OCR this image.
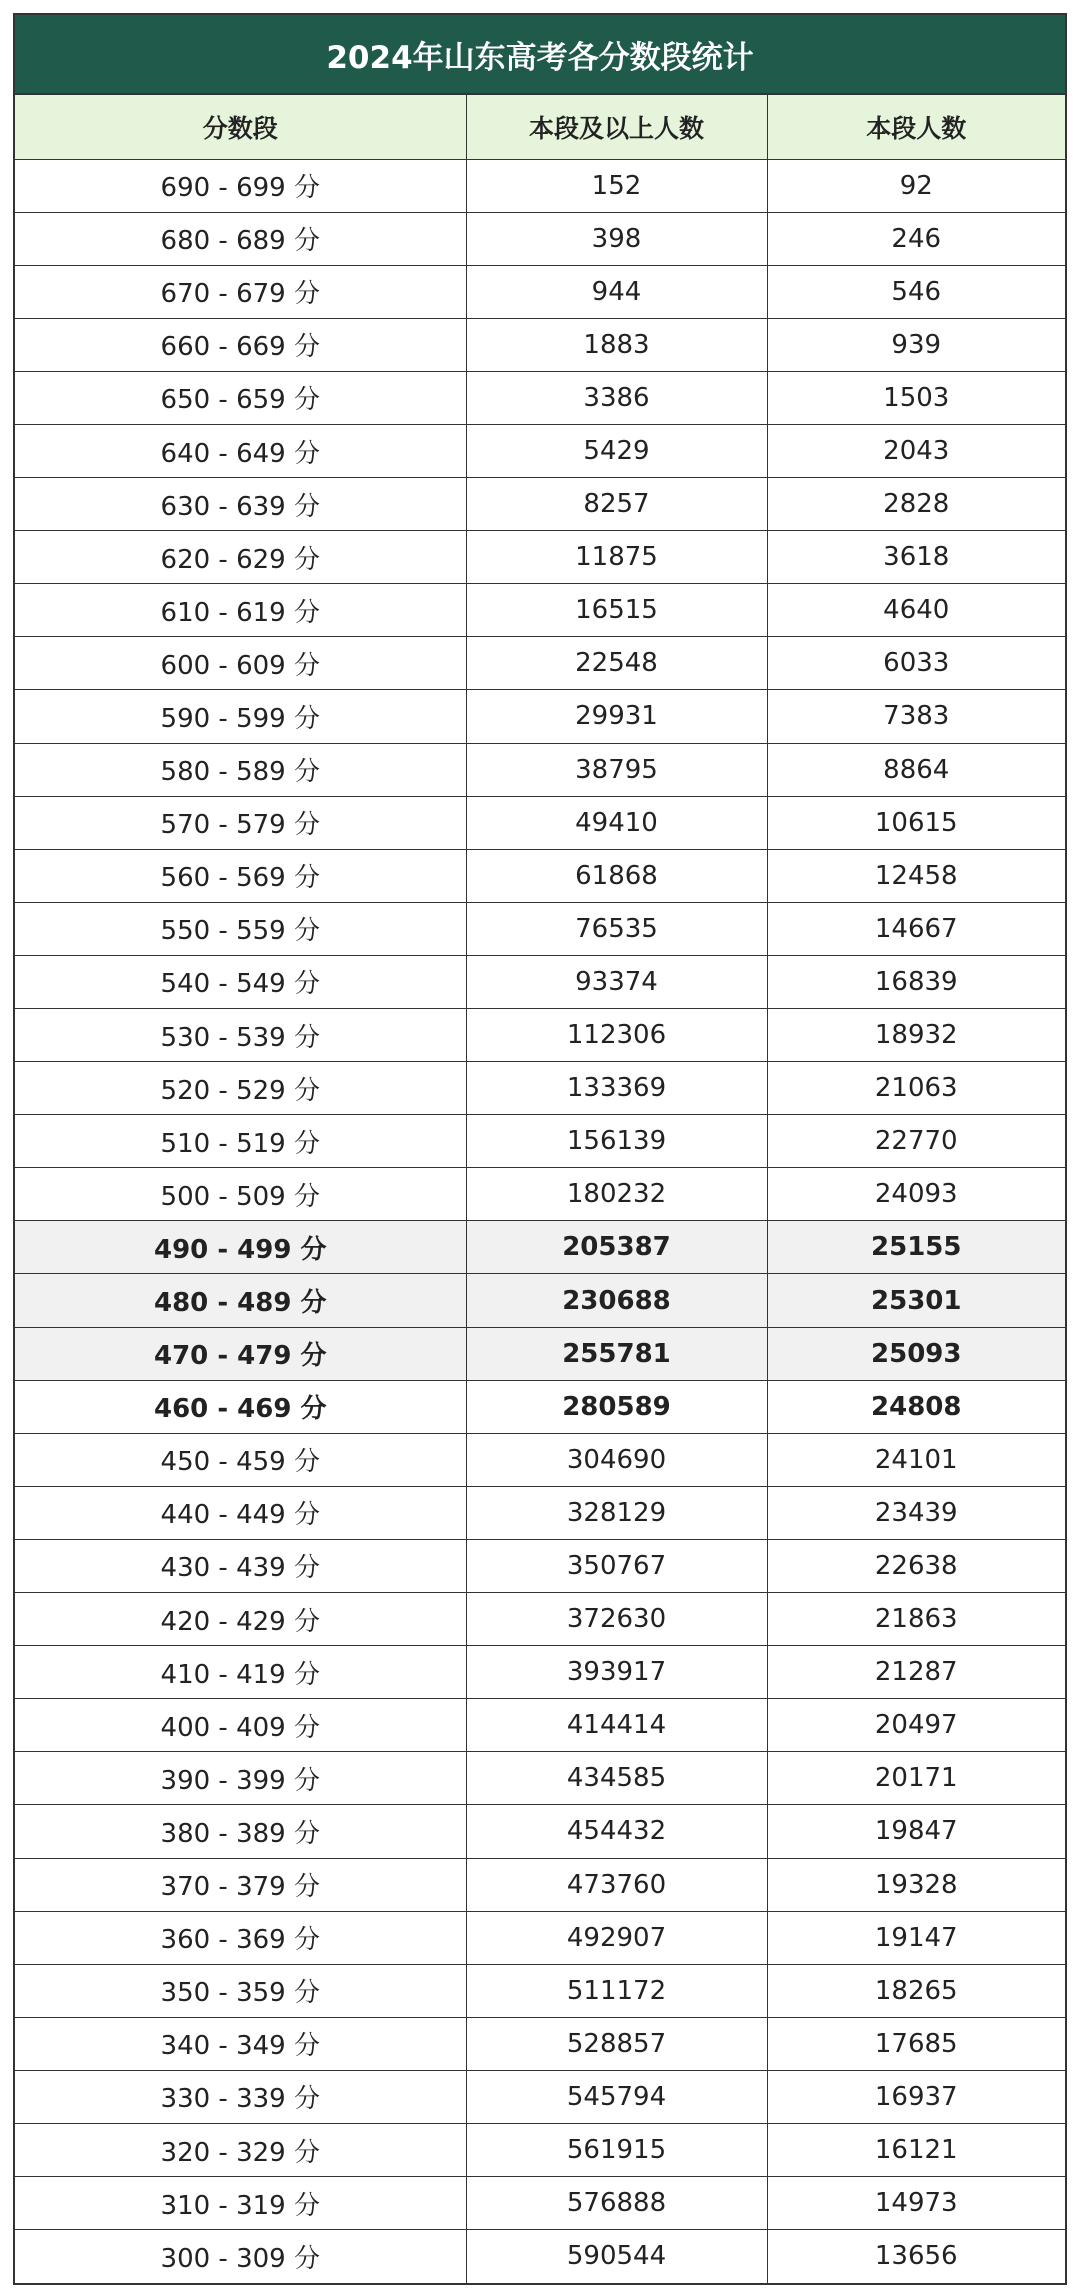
2024年山东高考各分数段统计
分数段	本段及以上人数	本段人数
690 - 699 分	152	92
680 - 689 分	398	246
670 - 679 分	944	546
660 - 669 分	1883	939
650 - 659 分	3386	1503
640 - 649 分	5429	2043
630 - 639 分	8257	2828
620 - 629 分	11875	3618
610 - 619 分	16515	4640
600 - 609 分	22548	6033
590 - 599 分	29931	7383
580 - 589 分	38795	8864
570 - 579 分	49410	10615
560 - 569 分	61868	12458
550 - 559 分	76535	14667
540 - 549 分	93374	16839
530 - 539 分	112306	18932
520 - 529 分	133369	21063
510 - 519 分	156139	22770
500 - 509 分	180232	24093
490 - 499 分	205387	25155
480 - 489 分	230688	25301
470 - 479 分	255781	25093
460 - 469 分	280589	24808
450 - 459 分	304690	24101
440 - 449 分	328129	23439
430 - 439 分	350767	22638
420 - 429 分	372630	21863
410 - 419 分	393917	21287
400 - 409 分	414414	20497
390 - 399 分	434585	20171
380 - 389 分	454432	19847
370 - 379 分	473760	19328
360 - 369 分	492907	19147
350 - 359 分	511172	18265
340 - 349 分	528857	17685
330 - 339 分	545794	16937
320 - 329 分	561915	16121
310 - 319 分	576888	14973
300 - 309 分	590544	13656
